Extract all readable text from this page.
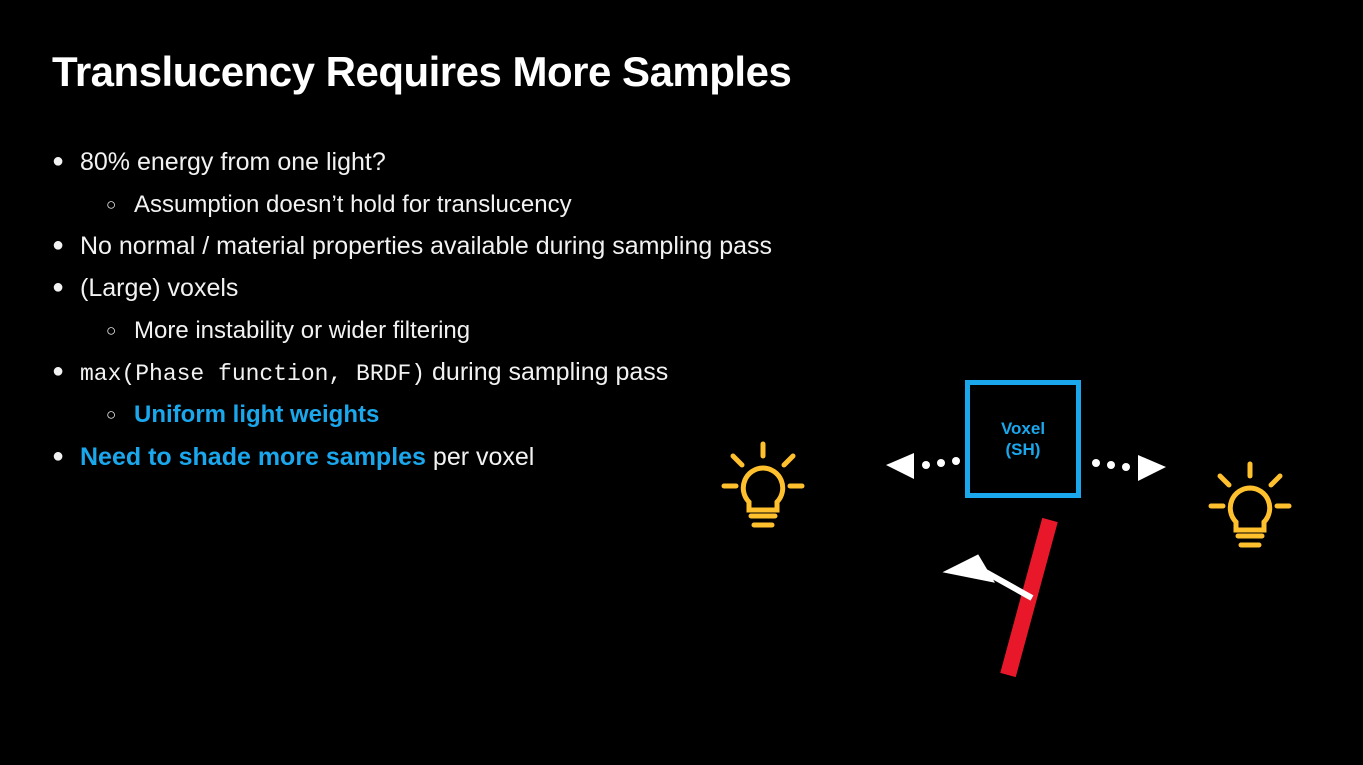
Translucency Requires More Samples
● 80% energy from one light?
○ Assumption doesn’t hold for translucency
● No normal / material properties available during sampling pass
● (Large) voxels
○ More instability or wider filtering
● max(Phase function, BRDF) during sampling pass
○ Uniform light weights
● Need to shade more samples per voxel
Voxel
(SH)
